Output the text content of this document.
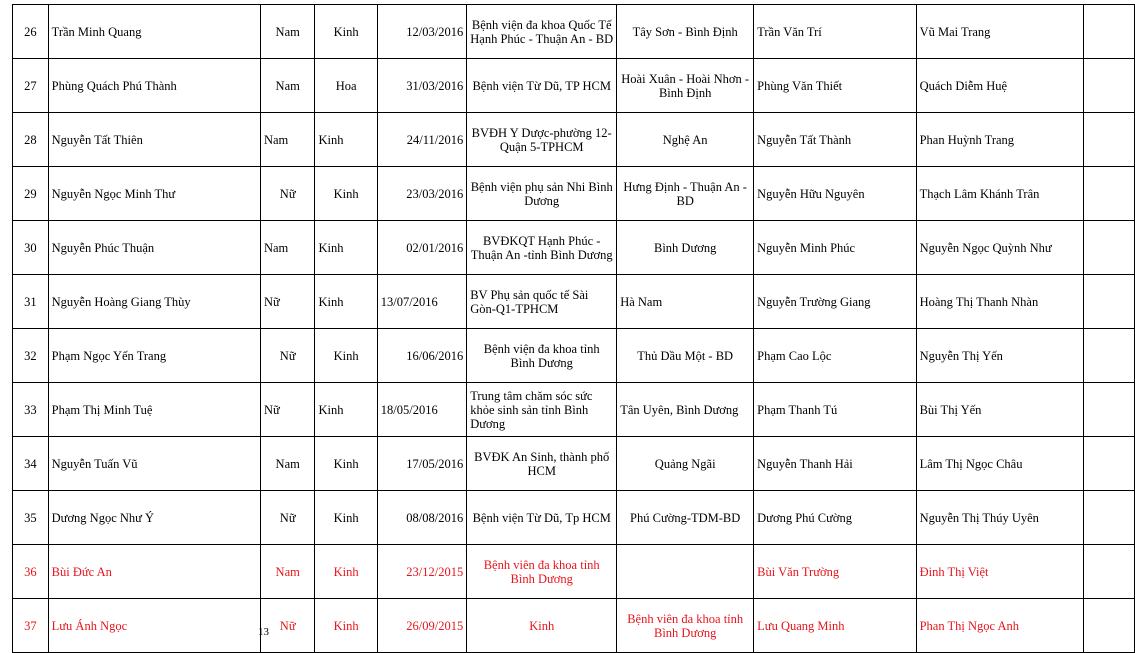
26	Trần Minh Quang	Nam	Kinh	12/03/2016	Bệnh viện đa khoa Quốc Tế Hạnh Phúc - Thuận An - BD	Tây Sơn - Bình Định	Trần Văn Trí	Vũ Mai Trang	
27	Phùng Quách Phú Thành	Nam	Hoa	31/03/2016	Bệnh viện Từ Dũ, TP HCM	Hoài Xuân - Hoài Nhơn - Bình Định	Phùng Văn Thiết	Quách Diễm Huệ	
28	Nguyễn Tất Thiên	Nam	Kinh	24/11/2016	BVĐH Y Dược-phường 12-Quận 5-TPHCM	Nghệ An	Nguyễn Tất Thành	Phan Huỳnh Trang	
29	Nguyễn Ngọc Minh Thư	Nữ	Kinh	23/03/2016	Bệnh viện phụ sản Nhi Bình Dương	Hưng Định - Thuận An - BD	Nguyễn Hữu Nguyên	Thạch Lâm Khánh Trân	
30	Nguyễn Phúc Thuận	Nam	Kinh	02/01/2016	BVĐKQT Hạnh Phúc - Thuận An -tỉnh Bình Dương	Bình Dương	Nguyễn Minh Phúc	Nguyễn Ngọc Quỳnh Như	
31	Nguyễn Hoàng Giang Thùy	Nữ	Kinh	13/07/2016	BV Phụ sản quốc tế Sài Gòn-Q1-TPHCM	Hà Nam	Nguyễn Trường Giang	Hoàng Thị Thanh Nhàn	
32	Phạm Ngọc Yến Trang	Nữ	Kinh	16/06/2016	Bệnh viện đa khoa tỉnh Bình Dương	Thủ Dầu Một - BD	Phạm Cao Lộc	Nguyễn Thị Yến	
33	Phạm Thị Minh Tuệ	Nữ	Kinh	18/05/2016	Trung tâm chăm sóc sức khỏe sinh sản tỉnh Bình Dương	Tân Uyên, Bình Dương	Phạm Thanh Tú	Bùi Thị Yến	
34	Nguyễn Tuấn Vũ	Nam	Kinh	17/05/2016	BVĐK An Sinh, thành phố HCM	Quảng Ngãi	Nguyễn Thanh Hải	Lâm Thị Ngọc Châu	
35	Dương Ngọc Như Ý	Nữ	Kinh	08/08/2016	Bệnh viện Từ Dũ, Tp HCM	Phú Cường-TDM-BD	Dương Phú Cường	Nguyễn Thị Thúy Uyên	
36	Bùi Đức An	Nam	Kinh	23/12/2015	Bệnh viên đa khoa tỉnh Bình Dương		Bùi Văn Trường	Đinh Thị Việt	
37	Lưu Ánh Ngọc	Nữ	Kinh	26/09/2015	Kinh	Bệnh viên đa khoa tỉnh Bình Dương	Lưu Quang Minh	Phan Thị Ngọc Anh	
13
